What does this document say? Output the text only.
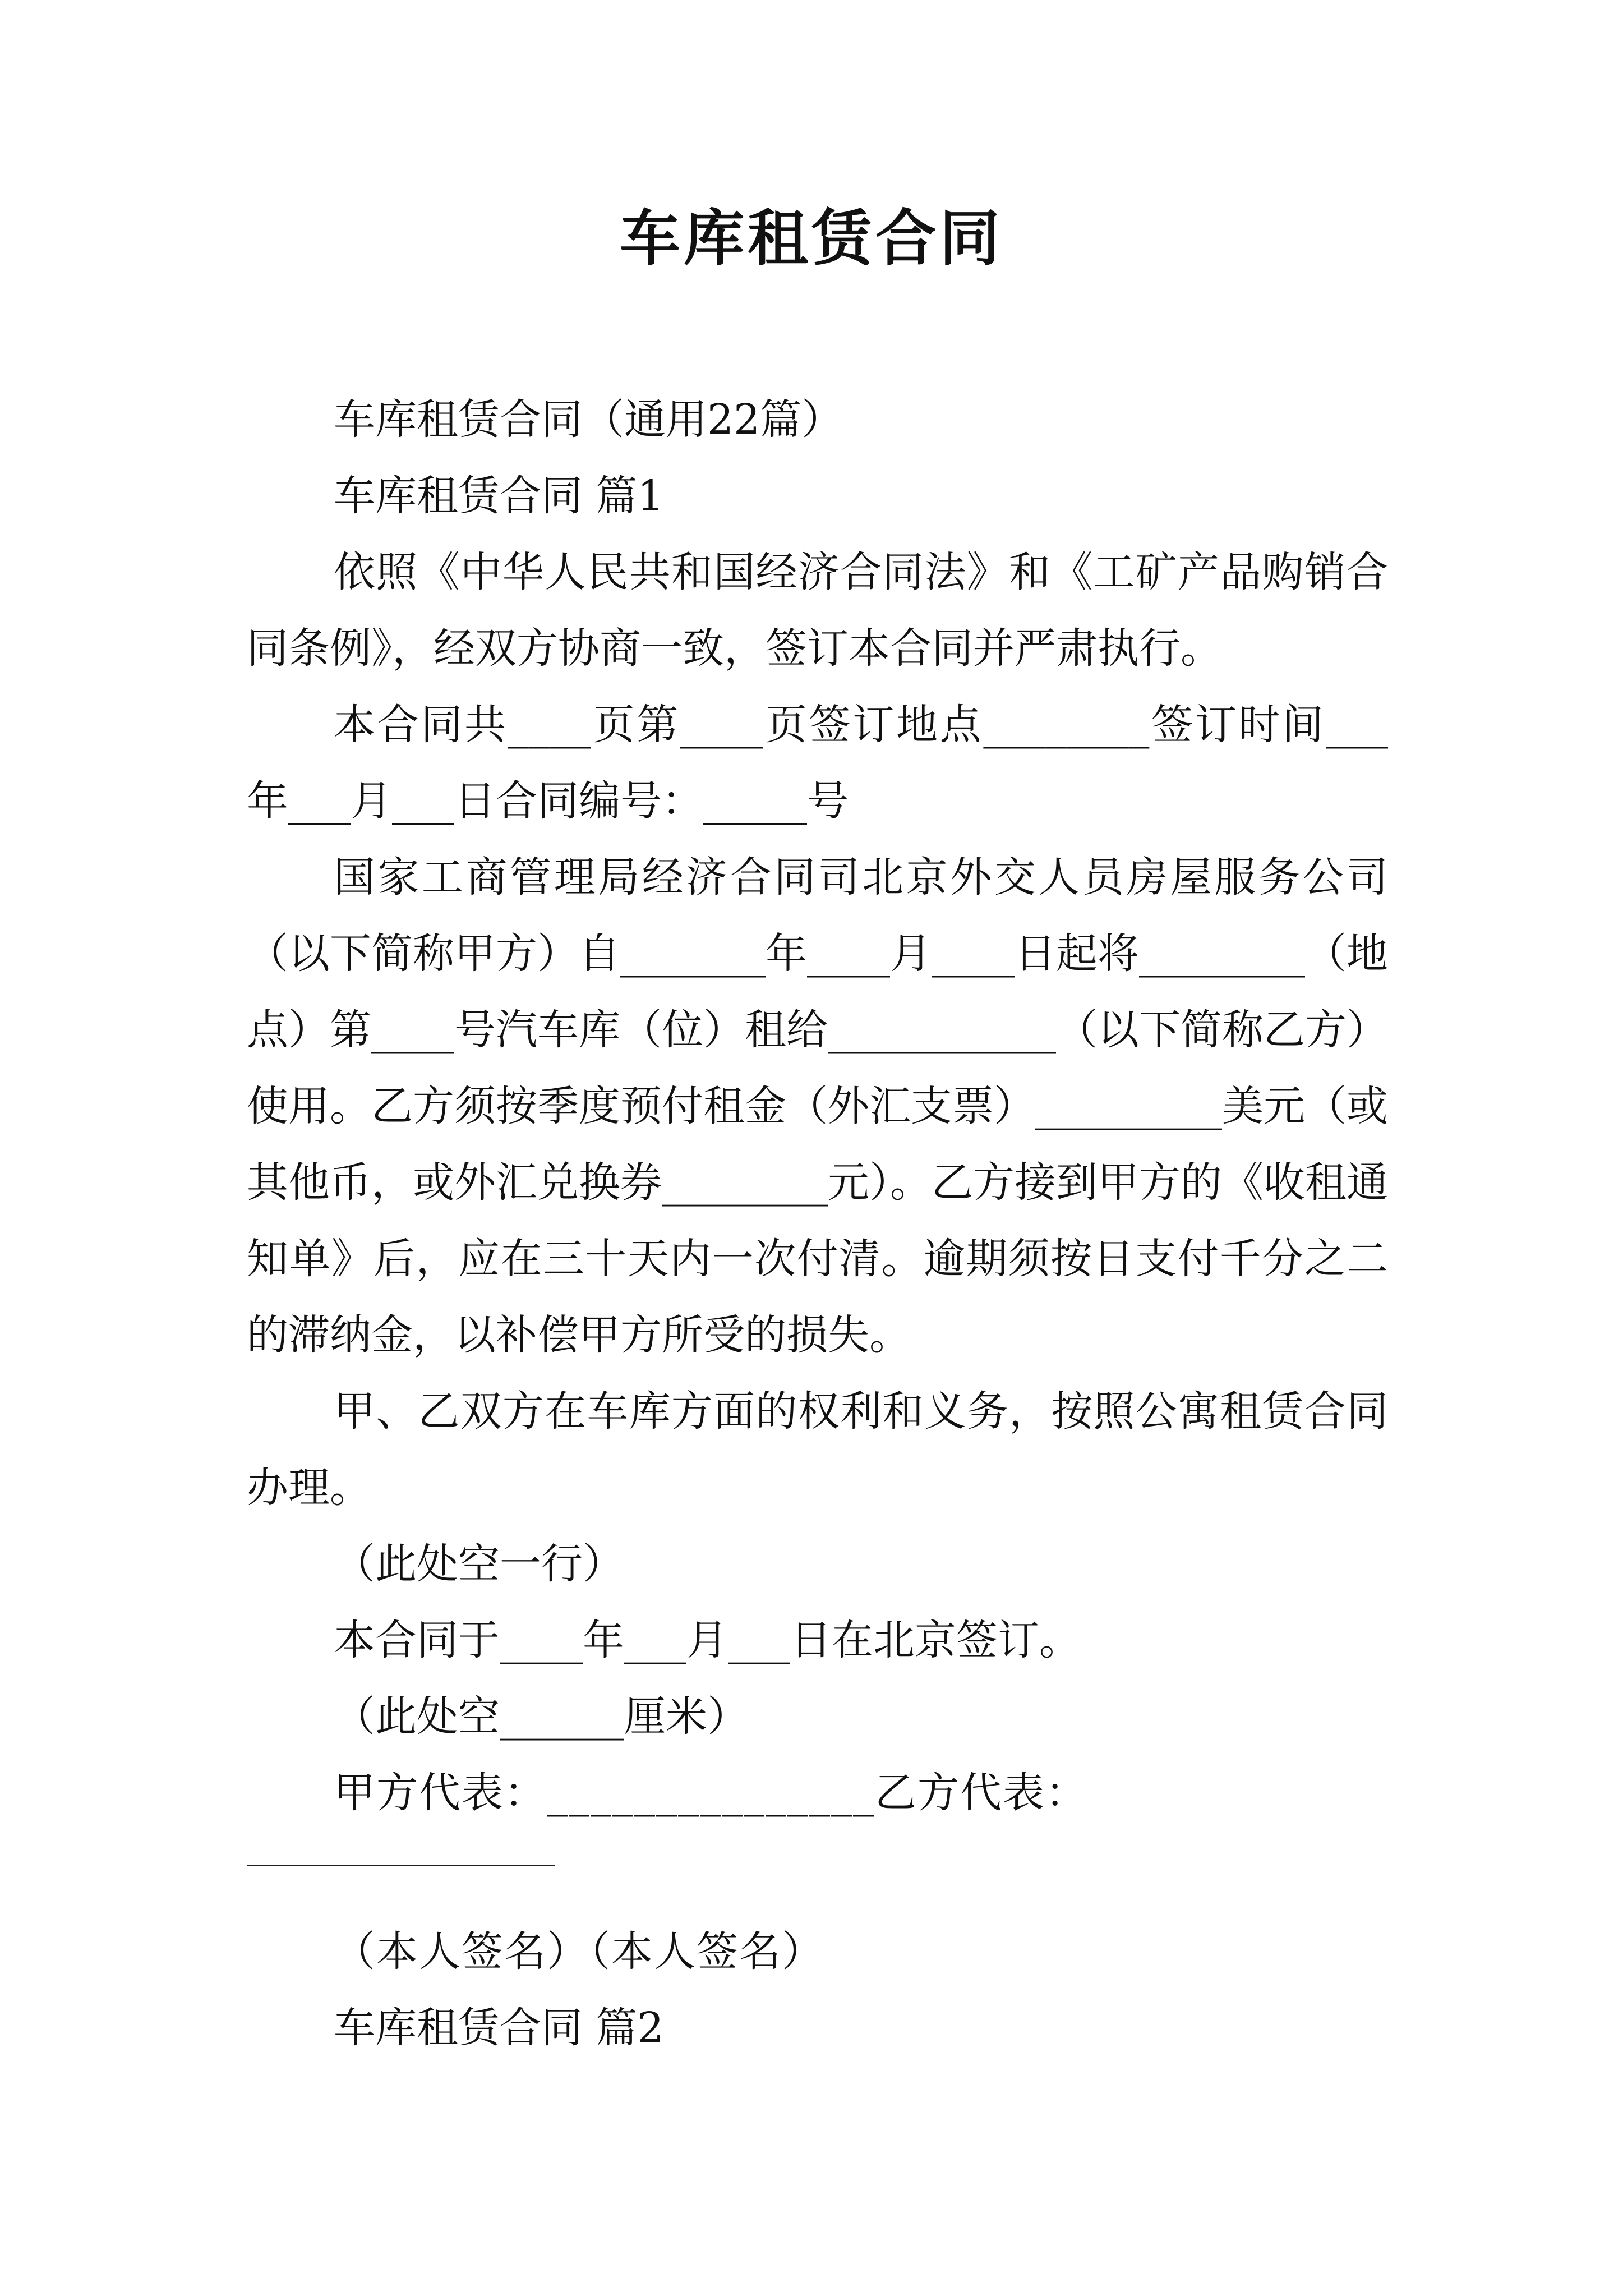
车库租赁合同

车库租赁合同（通用22篇）

车库租赁合同 篇1

依照《中华人民共和国经济合同法》和《工矿产品购销合同条例》，经双方协商一致，签订本合同并严肃执行。

本合同共____页第____页签订地点________签订时间___年___月___日合同编号：_____号

国家工商管理局经济合同司北京外交人员房屋服务公司（以下简称甲方）自_______年____月____日起将________（地点）第____号汽车库（位）租给___________（以下简称乙方）使用。乙方须按季度预付租金（外汇支票）_________美元（或其他币，或外汇兑换券________元）。乙方接到甲方的《收租通知单》后，应在三十天内一次付清。逾期须按日支付千分之二的滞纳金，以补偿甲方所受的损失。

甲、乙双方在车库方面的权利和义务，按照公寓租赁合同办理。

（此处空一行）

本合同于____年___月___日在北京签订。

（此处空______厘米）

甲方代表：_______________乙方代表：

（本人签名）（本人签名）

车库租赁合同 篇2
